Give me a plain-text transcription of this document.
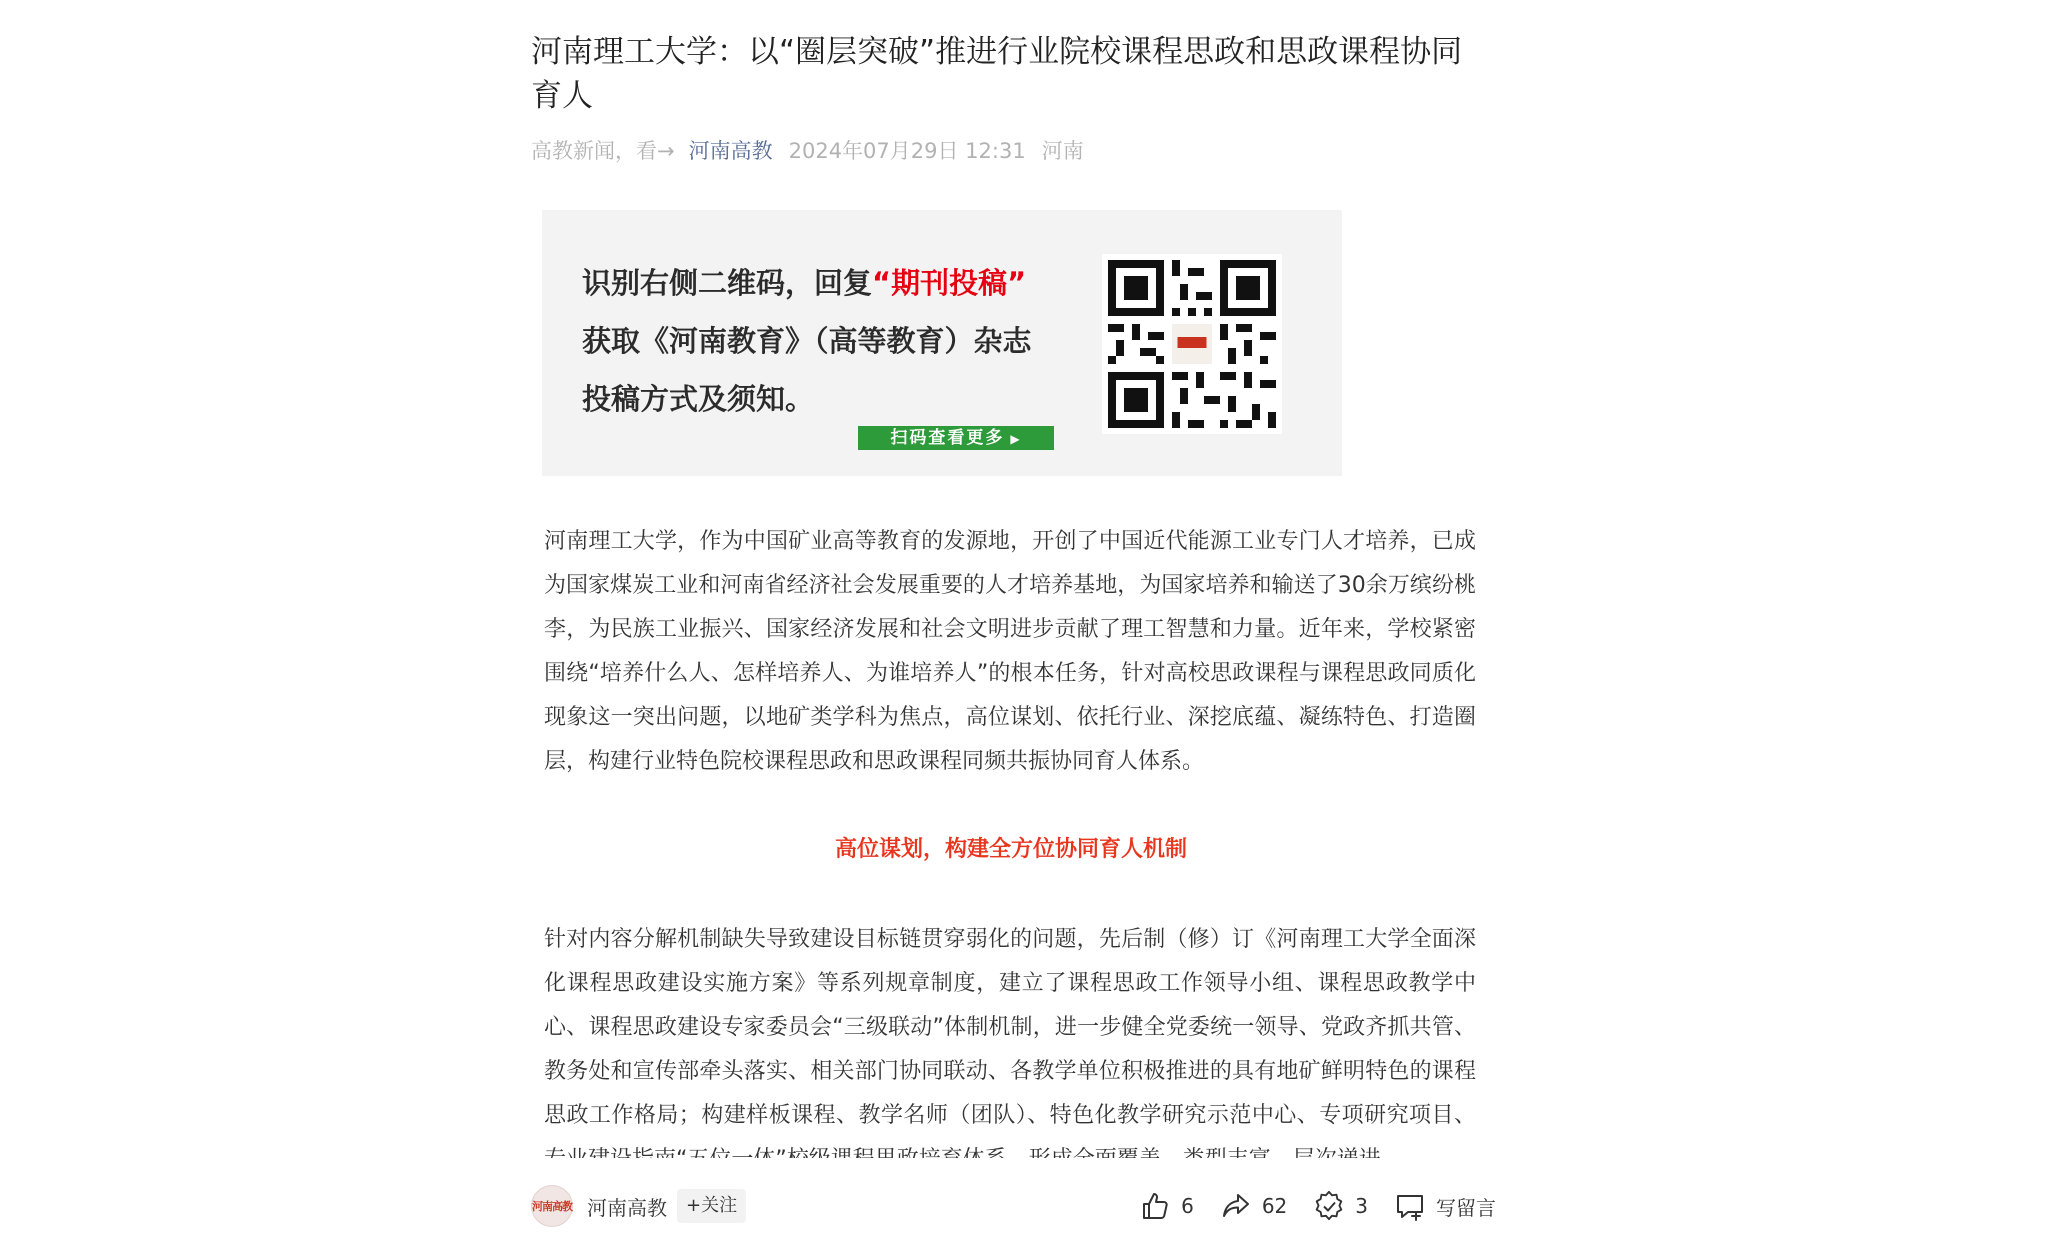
河南理工大学：以“圈层突破”推进行业院校课程思政和思政课程协同育人
高教新闻，看→ 河南高教 2024年07月29日 12:31 河南
识别右侧二维码，回复“期刊投稿”
获取《河南教育》（高等教育）杂志
投稿方式及须知。
扫码查看更多 ▶

河南理工大学，作为中国矿业高等教育的发源地，开创了中国近代能源工业专门人才培养，已成为国家煤炭工业和河南省经济社会发展重要的人才培养基地，为国家培养和输送了30余万缤纷桃李，为民族工业振兴、国家经济发展和社会文明进步贡献了理工智慧和力量。近年来，学校紧密围绕“培养什么人、怎样培养人、为谁培养人”的根本任务，针对高校思政课程与课程思政同质化现象这一突出问题，以地矿类学科为焦点，高位谋划、依托行业、深挖底蕴、凝练特色、打造圈层，构建行业特色院校课程思政和思政课程同频共振协同育人体系。

高位谋划，构建全方位协同育人机制

针对内容分解机制缺失导致建设目标链贯穿弱化的问题，先后制（修）订《河南理工大学全面深化课程思政建设实施方案》等系列规章制度，建立了课程思政工作领导小组、课程思政教学中心、课程思政建设专家委员会“三级联动”体制机制，进一步健全党委统一领导、党政齐抓共管、教务处和宣传部牵头落实、相关部门协同联动、各教学单位积极推进的具有地矿鲜明特色的课程思政工作格局；构建样板课程、教学名师（团队）、特色化教学研究示范中心、专项研究项目、

河南高教 河南高教	+关注	6	62	3	写留言
